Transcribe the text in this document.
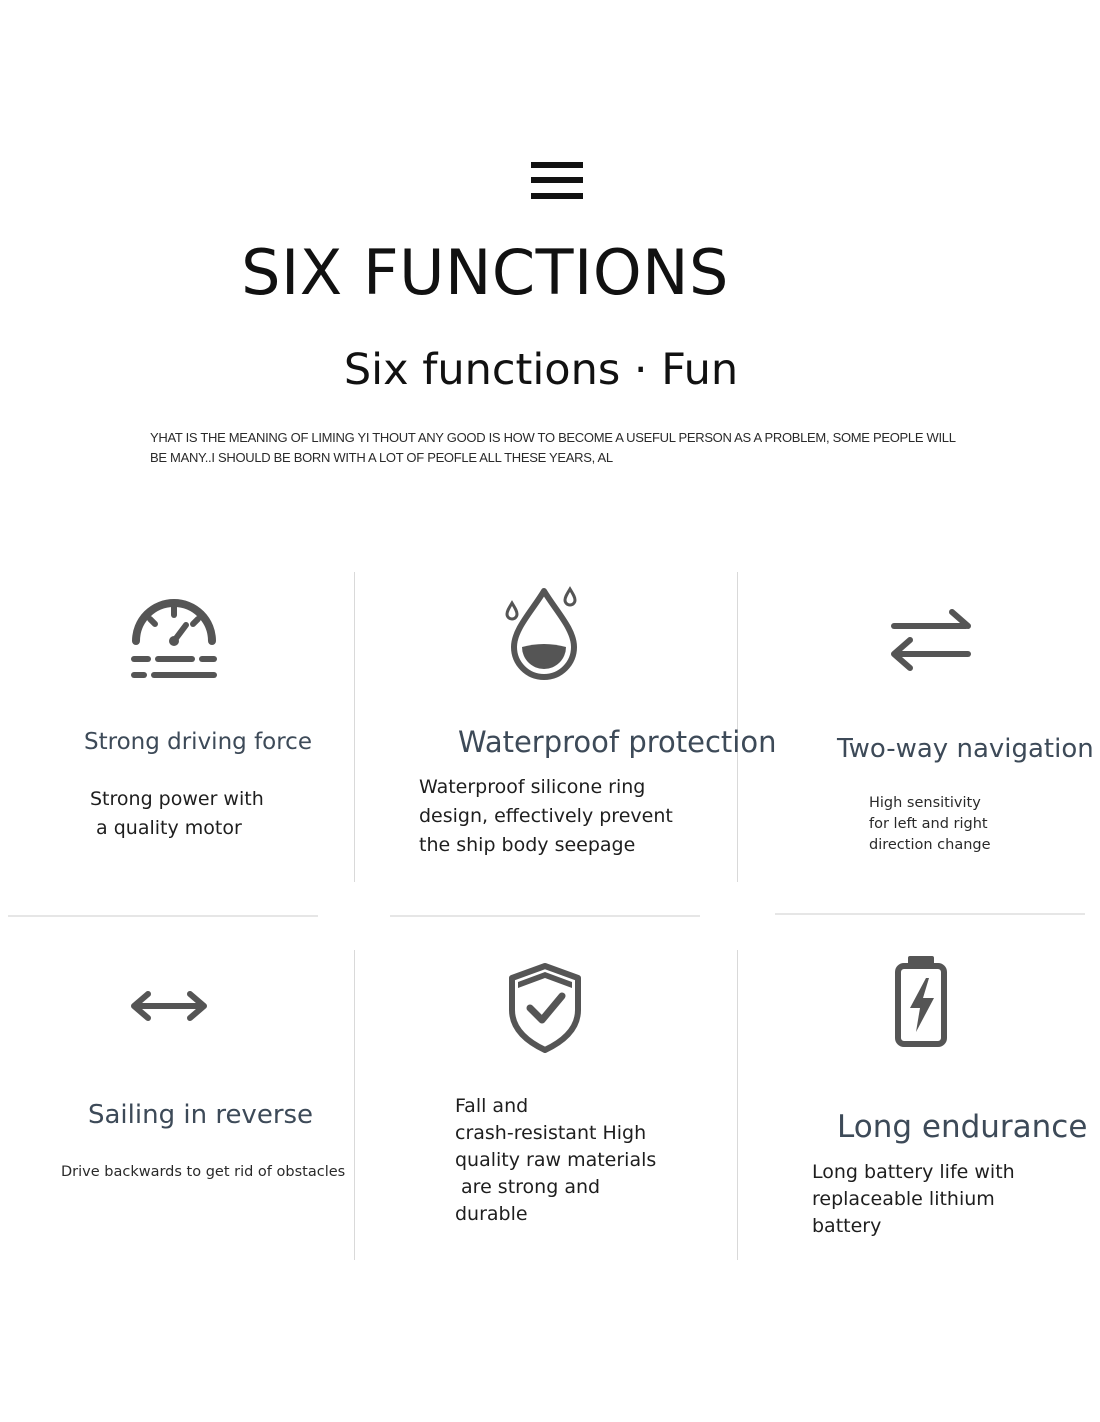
SIX FUNCTIONS
Six functions · Fun
YHAT IS THE MEANING OF LIMING YI THOUT ANY GOOD IS HOW TO BECOME A USEFUL PERSON AS A PROBLEM, SOME PEOPLE WILL
BE MANY..I SHOULD BE BORN WITH A LOT OF PEOFLE ALL THESE YEARS, AL
Strong driving force
Strong power with
a quality motor
Waterproof protection
Waterproof silicone ring
design, effectively prevent
the ship body seepage
Two-way navigation
High sensitivity
for left and right
direction change
Sailing in reverse
Drive backwards to get rid of obstacles
Fall and
crash-resistant High
quality raw materials
are strong and
durable
Long endurance
Long battery life with
replaceable lithium
battery
